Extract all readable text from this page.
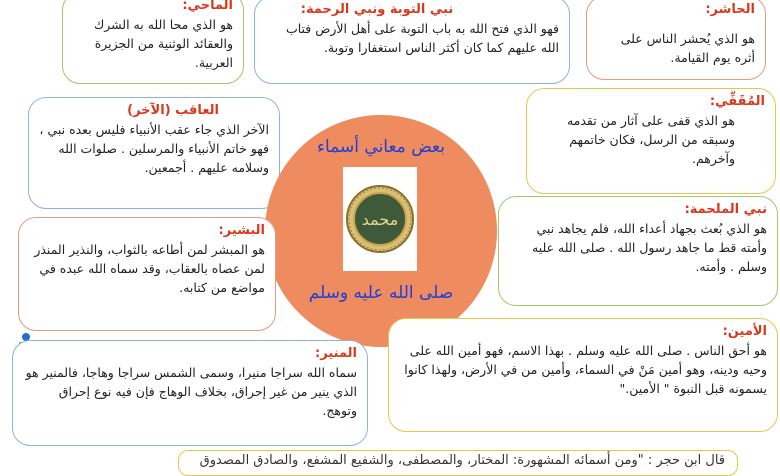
الماحي:
هو الذي محا الله به الشرك والعقائد الوثنية من الجزيرة العربية.
نبي التوبة ونبي الرحمة:
فهو الذي فتح الله به باب التوبة على أهل الأرض فتاب الله عليهم كما كان أكثر الناس استغفارا وتوبة.
الحاشر:
هو الذي يُحشر الناس على أثره يوم القيامة.
العاقب (الآخر)
الآخر الذي جاء عقب الأنبياء فليس بعده نبي ، فهو خاتم الأنبياء والمرسلين . صلوات الله وسلامه عليهم . أجمعين.
المُقَفِّي:
هو الذي قفى على آثار من تقدمه وسبقه من الرسل، فكان خاتمهم وآخرهم.
بعض معاني أسماء
محمد
صلى الله عليه وسلم
البشير:
هو المبشر لمن أطاعه بالثواب، والنذير المنذر لمن عصاه بالعقاب، وقد سماه الله عبده في مواضع من كتابه.
نبي الملحمة:
هو الذي بُعث بجهاد أعداء الله، فلم يجاهد نبي وأمته قط ما جاهد رسول الله . صلى الله عليه وسلم . وأمته.
المنير:
سماه الله سراجا منيرا، وسمى الشمس سراجا وهاجا، فالمنير هو الذي ينير من غير إحراق، بخلاف الوهاج فإن فيه نوع إحراق وتوهج.
الأمين:
هو أحق الناس . صلى الله عليه وسلم . بهذا الاسم، فهو أمين الله على وحيه ودينه، وهو أمين مَنْ في السماء، وأمين من في الأرض، ولهذا كانوا يسمونه قبل النبوة " الأمين."
قال ابن حجر : "ومن أسمائه المشهورة: المختار، والمصطفى، والشفيع المشفع، والصادق المصدوق
